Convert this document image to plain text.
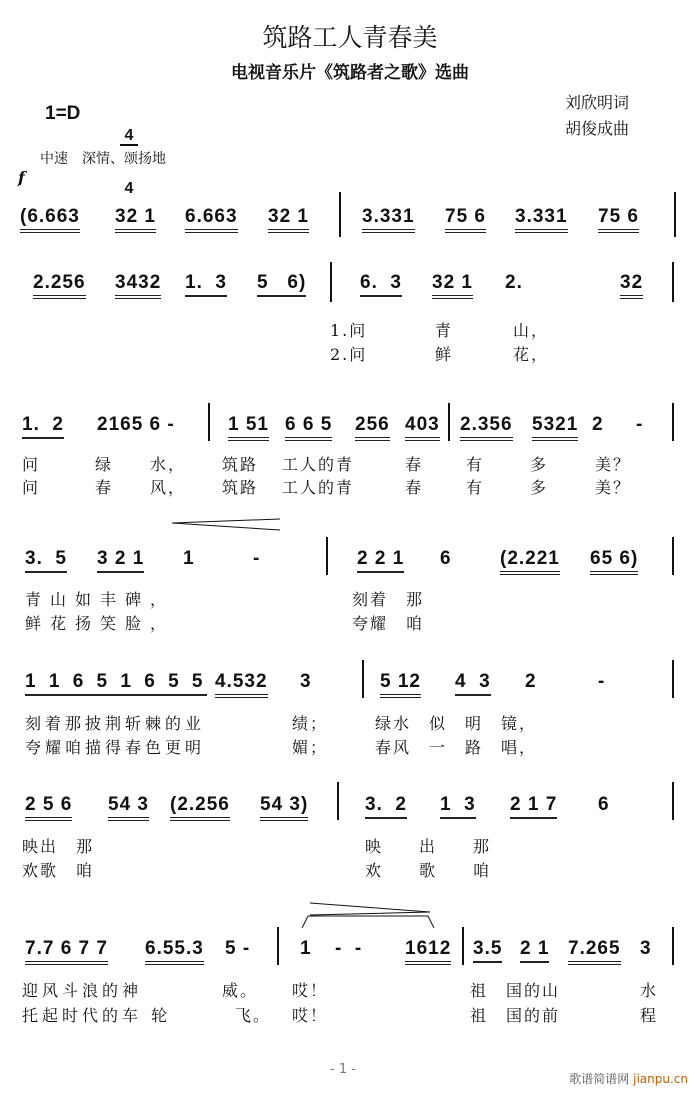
筑路工人青春美
电视音乐片《筑路者之歌》选曲
1=D

4

4

刘欣明词
胡俊成曲
中速　深情、颂扬地
f
(6.663 32 1 6.663 32 1	3.331 75 6 3.331 75 6
2.256 3432 1.  3 5   6)	6.  3 32 1 2.	32
1.问	青	山，
2.问	鲜	花，
1.  2 2165 6 -	1 51 6 6 5 256 403 2.356 5321 2 -
问	绿 水， 筑路 工人的青	春	有	多	美？
问	春 风， 筑路 工人的青	春	有	多	美？
3.  5 3 2 1 1	-	2 2 1 6	(2.221 65 6)
青山如丰碑，	刻着　那
鲜花扬笑脸，	夸耀　咱
1 1 6 5 1 6 5 5 4.532 3	5 12 4  3 2	-
刻着那披荆斩棘的业	绩；	绿水　似　明　镜，
夸耀咱描得春色更明	媚；	春风　一　路　唱，
2 5 6 54 3 (2.256 54 3)	3.  2 1  3 2 1 7 6
映出　那	映　　出　　那
欢歌　咱	欢　　歌　　咱
7.7 6 7 7 6.55.3 5 -	1 -  - 1612 3.5 2 1 7.265 3
迎风斗浪的神	威。 哎！	祖　国的山	水
托起时代的车 轮	飞。 哎！	祖　国的前	程
- 1 -
歌谱简谱网 jianpu.cn
